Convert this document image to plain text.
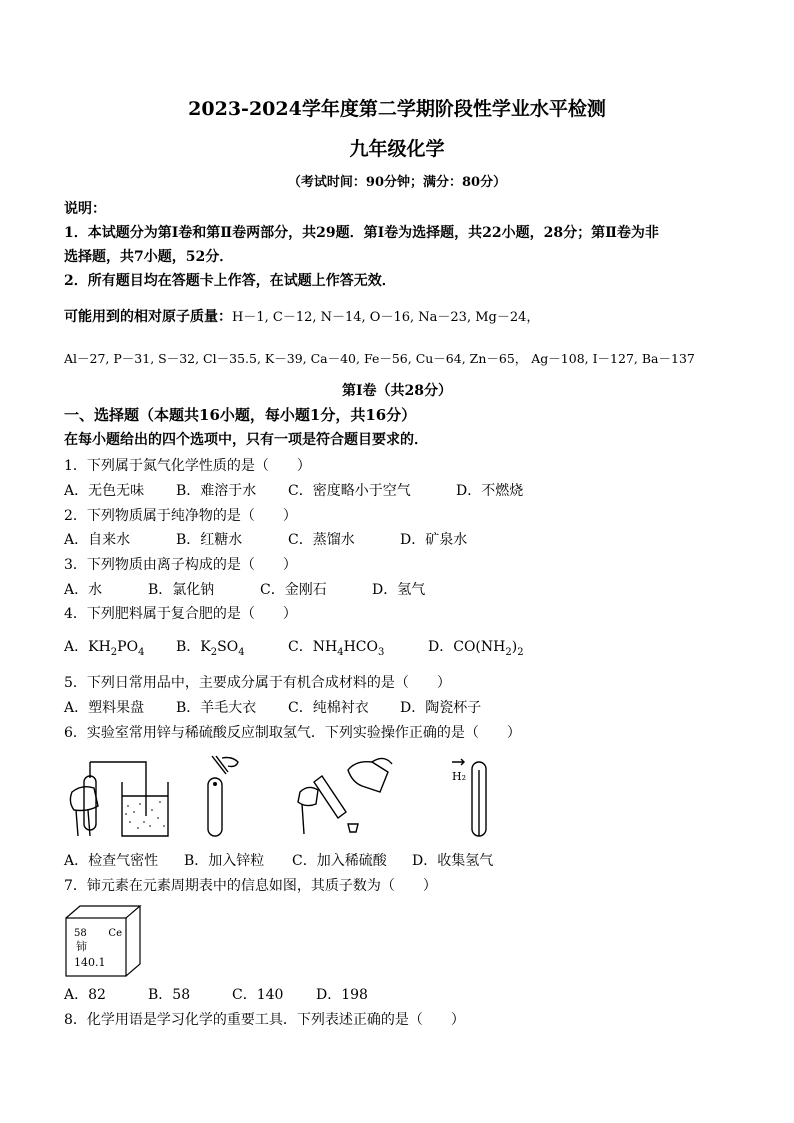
2023-2024学年度第二学期阶段性学业水平检测
九年级化学
（考试时间：90分钟；满分：80分）
说明：
1．本试题分为第Ⅰ卷和第Ⅱ卷两部分，共29题．第Ⅰ卷为选择题，共22小题，28分；第Ⅱ卷为非
选择题，共7小题，52分．
2．所有题目均在答题卡上作答，在试题上作答无效．
可能用到的相对原子质量：H－1, C－12, N－14, O－16, Na－23, Mg－24，
Al－27, P－31, S－32, Cl－35.5, K－39, Ca－40, Fe－56, Cu－64, Zn－65， Ag－108, I－127, Ba－137
第Ⅰ卷（共28分）
一、选择题（本题共16小题，每小题1分，共16分）
在每小题给出的四个选项中，只有一项是符合题目要求的．
1．下列属于氮气化学性质的是（　　）
A．无色无味 B．难溶于水 C．密度略小于空气	D．不燃烧
2．下列物质属于纯净物的是（　　）
A．自来水	B．红糖水	C．蒸馏水	D．矿泉水
3．下列物质由离子构成的是（　　）
A．水	B．氯化钠	C．金刚石	D．氢气
4．下列肥料属于复合肥的是（　　）
A．$KH_2PO_4$ B．$K_2SO_4$	C．$NH_4HCO_3$	D．$CO(NH_2)_2$
5．下列日常用品中，主要成分属于有机合成材料的是（　　）
A．塑料果盘 B．羊毛大衣 C．纯棉衬衣 D．陶瓷杯子
6．实验室常用锌与稀硫酸反应制取氢气．下列实验操作正确的是（　　）
H₂
A．检查气密性 B．加入锌粒 C．加入稀硫酸 D．收集氢气
7．铈元素在元素周期表中的信息如图，其质子数为（　　）
58 Ce
铈
140.1
A．82	B．58	C．140 D．198
8．化学用语是学习化学的重要工具．下列表述正确的是（　　）
